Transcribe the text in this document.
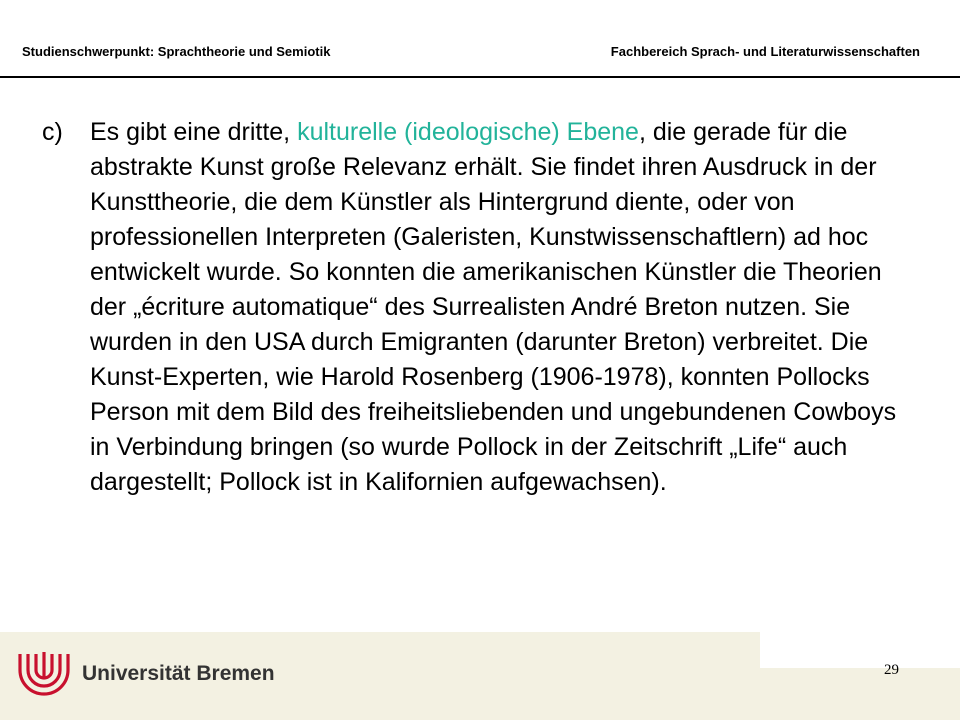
Studienschwerpunkt: Sprachtheorie und Semiotik	Fachbereich Sprach- und Literaturwissenschaften
c) Es gibt eine dritte, kulturelle (ideologische) Ebene, die gerade für die abstrakte Kunst große Relevanz erhält. Sie findet ihren Ausdruck in der Kunsttheorie, die dem Künstler als Hintergrund diente, oder von professionellen Interpreten (Galeristen, Kunstwissenschaftlern) ad hoc entwickelt wurde. So konnten die amerikanischen Künstler die Theorien der „écriture automatique“ des Surrealisten André Breton nutzen. Sie wurden in den USA durch Emigranten (darunter Breton) verbreitet. Die Kunst-Experten, wie Harold Rosenberg (1906-1978), konnten Pollocks Person mit dem Bild des freiheitsliebenden und ungebundenen Cowboys in Verbindung bringen (so wurde Pollock in der Zeitschrift „Life“ auch dargestellt; Pollock ist in Kalifornien aufgewachsen).
Universität Bremen	29
